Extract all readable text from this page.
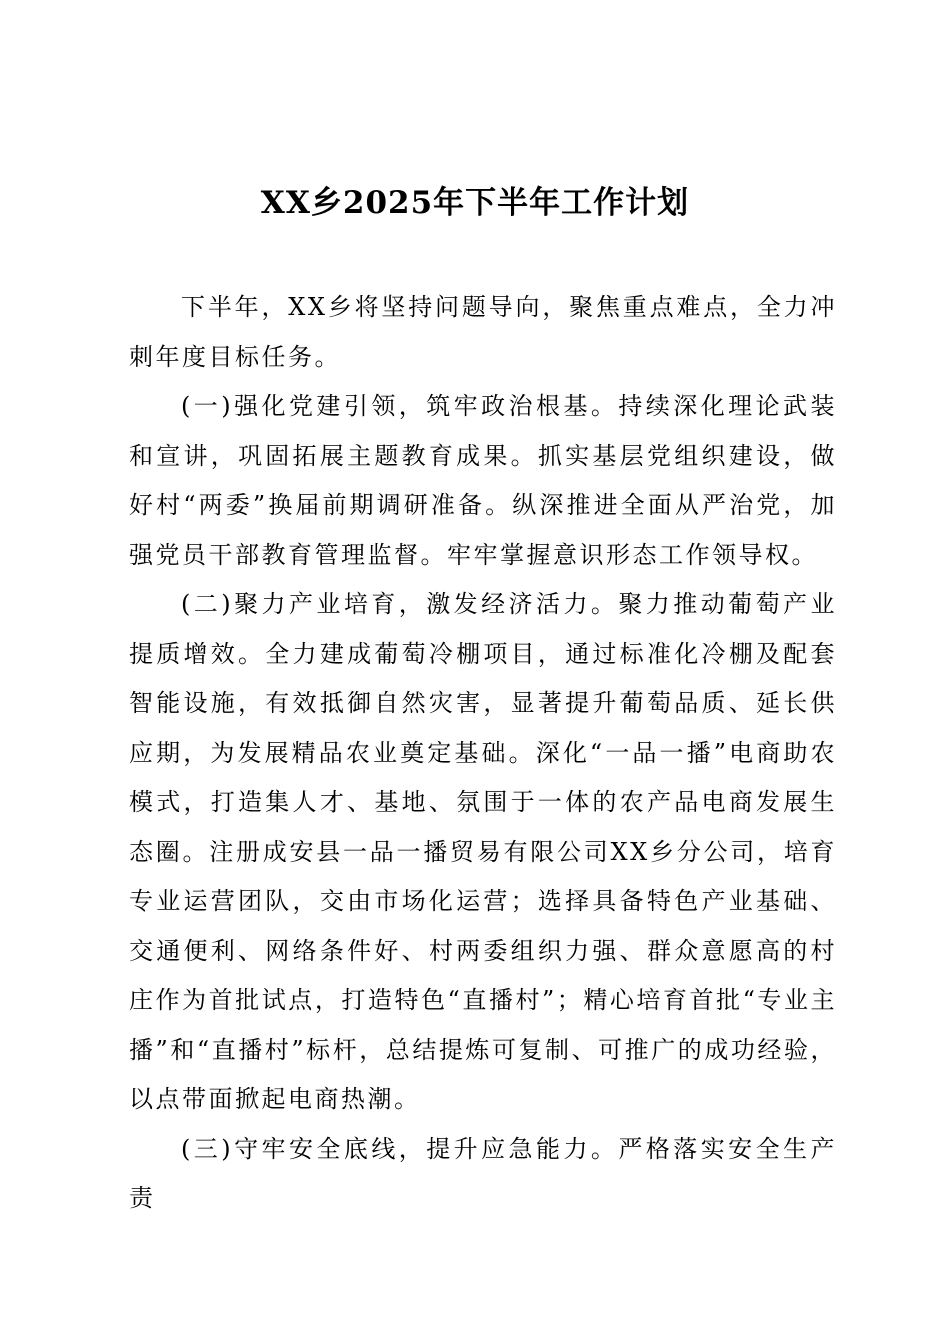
XX乡2025年下半年工作计划

下半年，XX乡将坚持问题导向，聚焦重点难点，全力冲刺年度目标任务。

(一)强化党建引领，筑牢政治根基。持续深化理论武装和宣讲，巩固拓展主题教育成果。抓实基层党组织建设，做好村“两委”换届前期调研准备。纵深推进全面从严治党，加强党员干部教育管理监督。牢牢掌握意识形态工作领导权。

(二)聚力产业培育，激发经济活力。聚力推动葡萄产业提质增效。全力建成葡萄冷棚项目，通过标准化冷棚及配套智能设施，有效抵御自然灾害，显著提升葡萄品质、延长供应期，为发展精品农业奠定基础。深化“一品一播”电商助农模式，打造集人才、基地、氛围于一体的农产品电商发展生态圈。注册成安县一品一播贸易有限公司XX乡分公司，培育专业运营团队，交由市场化运营；选择具备特色产业基础、交通便利、网络条件好、村两委组织力强、群众意愿高的村庄作为首批试点，打造特色“直播村”；精心培育首批“专业主播”和“直播村”标杆，总结提炼可复制、可推广的成功经验，以点带面掀起电商热潮。

(三)守牢安全底线，提升应急能力。严格落实安全生产责
